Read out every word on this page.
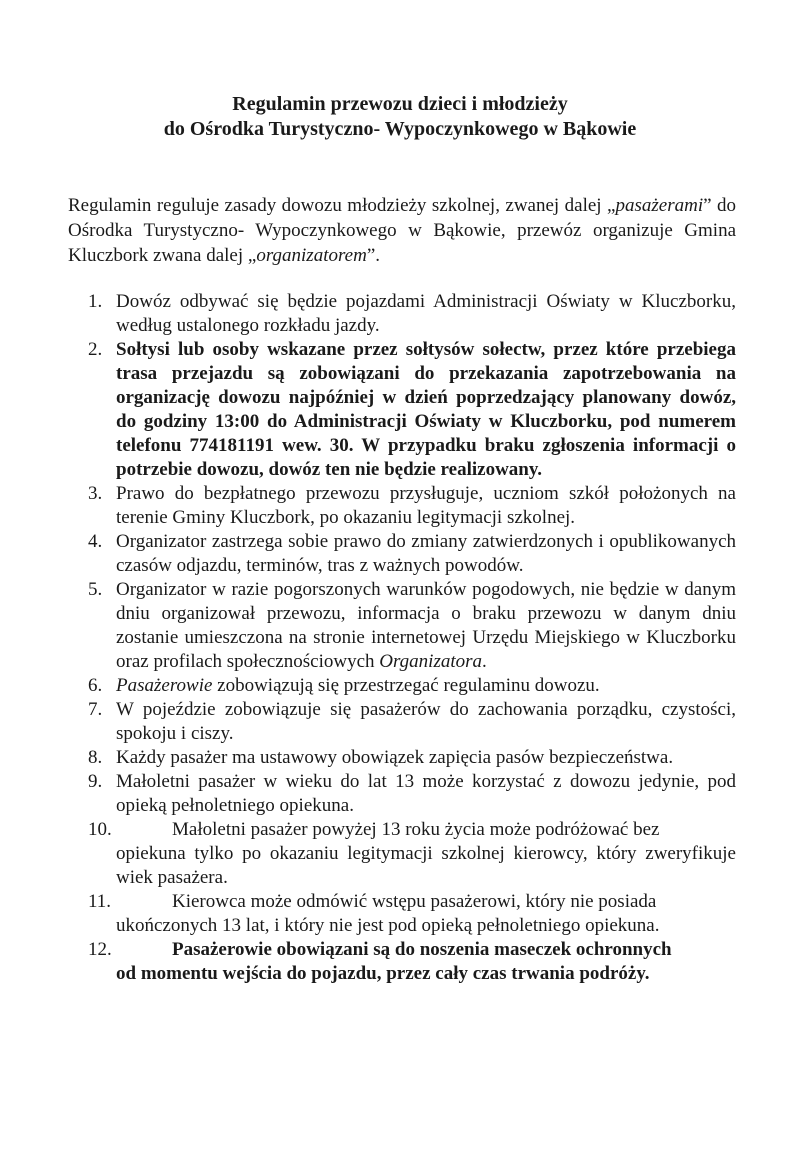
Regulamin przewozu dzieci i młodzieży
do Ośrodka Turystyczno- Wypoczynkowego w Bąkowie

Regulamin reguluje zasady dowozu młodzieży szkolnej, zwanej dalej „pasażerami” do Ośrodka Turystyczno- Wypoczynkowego w Bąkowie, przewóz organizuje Gmina Kluczbork zwana dalej „organizatorem”.

1. Dowóz odbywać się będzie pojazdami Administracji Oświaty w Kluczborku, według ustalonego rozkładu jazdy.
2. Sołtysi lub osoby wskazane przez sołtysów sołectw, przez które przebiega trasa przejazdu są zobowiązani do przekazania zapotrzebowania na organizację dowozu najpóźniej w dzień poprzedzający planowany dowóz, do godziny 13:00 do Administracji Oświaty w Kluczborku, pod numerem telefonu 774181191 wew. 30. W przypadku braku zgłoszenia informacji o potrzebie dowozu, dowóz ten nie będzie realizowany.
3. Prawo do bezpłatnego przewozu przysługuje, uczniom szkół położonych na terenie Gminy Kluczbork, po okazaniu legitymacji szkolnej.
4. Organizator zastrzega sobie prawo do zmiany zatwierdzonych i opublikowanych czasów odjazdu, terminów, tras z ważnych powodów.
5. Organizator w razie pogorszonych warunków pogodowych, nie będzie w danym dniu organizował przewozu, informacja o braku przewozu w danym dniu zostanie umieszczona na stronie internetowej Urzędu Miejskiego w Kluczborku oraz profilach społecznościowych Organizatora.
6. Pasażerowie zobowiązują się przestrzegać regulaminu dowozu.
7. W pojeździe zobowiązuje się pasażerów do zachowania porządku, czystości, spokoju i ciszy.
8. Każdy pasażer ma ustawowy obowiązek zapięcia pasów bezpieczeństwa.
9. Małoletni pasażer w wieku do lat 13 może korzystać z dowozu jedynie, pod opieką pełnoletniego opiekuna.
10.	Małoletni pasażer powyżej 13 roku życia może podróżować bez
opiekuna tylko po okazaniu legitymacji szkolnej kierowcy, który zweryfikuje wiek pasażera.
11.	Kierowca może odmówić wstępu pasażerowi, który nie posiada
ukończonych 13 lat, i który nie jest pod opieką pełnoletniego opiekuna.
12.	Pasażerowie obowiązani są do noszenia maseczek ochronnych
od momentu wejścia do pojazdu, przez cały czas trwania podróży.
